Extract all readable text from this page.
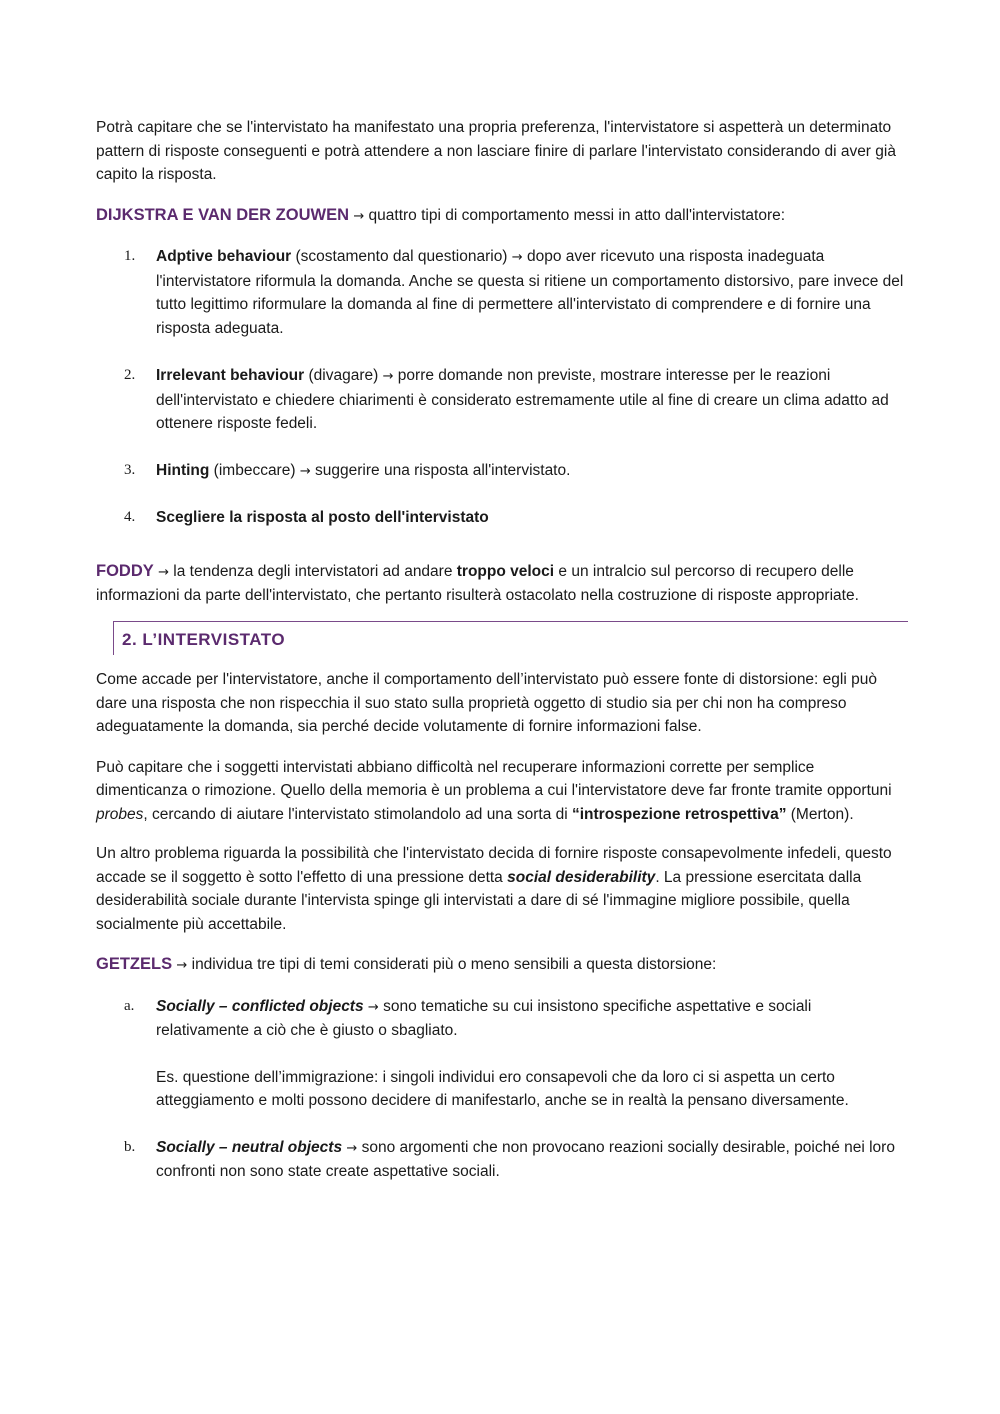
Potrà capitare che se l'intervistato ha manifestato una propria preferenza, l'intervistatore si aspetterà un determinato pattern di risposte conseguenti e potrà attendere a non lasciare finire di parlare l'intervistato considerando di aver già capito la risposta.

DIJKSTRA E VAN DER ZOUWEN → quattro tipi di comportamento messi in atto dall'intervistatore:

1. Adptive behaviour (scostamento dal questionario) → dopo aver ricevuto una risposta inadeguata l'intervistatore riformula la domanda. Anche se questa si ritiene un comportamento distorsivo, pare invece del tutto legittimo riformulare la domanda al fine di permettere all'intervistato di comprendere e di fornire una risposta adeguata.
2. Irrelevant behaviour (divagare) → porre domande non previste, mostrare interesse per le reazioni dell'intervistato e chiedere chiarimenti è considerato estremamente utile al fine di creare un clima adatto ad ottenere risposte fedeli.
3. Hinting (imbeccare) → suggerire una risposta all'intervistato.
4. Scegliere la risposta al posto dell'intervistato

FODDY → la tendenza degli intervistatori ad andare troppo veloci e un intralcio sul percorso di recupero delle informazioni da parte dell'intervistato, che pertanto risulterà ostacolato nella costruzione di risposte appropriate.

2. L’INTERVISTATO

Come accade per l'intervistatore, anche il comportamento dell’intervistato può essere fonte di distorsione: egli può dare una risposta che non rispecchia il suo stato sulla proprietà oggetto di studio sia per chi non ha compreso adeguatamente la domanda, sia perché decide volutamente di fornire informazioni false.

Può capitare che i soggetti intervistati abbiano difficoltà nel recuperare informazioni corrette per semplice dimenticanza o rimozione. Quello della memoria è un problema a cui l'intervistatore deve far fronte tramite opportuni probes, cercando di aiutare l'intervistato stimolandolo ad una sorta di “introspezione retrospettiva” (Merton).

Un altro problema riguarda la possibilità che l'intervistato decida di fornire risposte consapevolmente infedeli, questo accade se il soggetto è sotto l'effetto di una pressione detta social desiderability. La pressione esercitata dalla desiderabilità sociale durante l'intervista spinge gli intervistati a dare di sé l'immagine migliore possibile, quella socialmente più accettabile.

GETZELS → individua tre tipi di temi considerati più o meno sensibili a questa distorsione:

a. Socially – conflicted objects → sono tematiche su cui insistono specifiche aspettative e sociali relativamente a ciò che è giusto o sbagliato.

Es. questione dell’immigrazione: i singoli individui ero consapevoli che da loro ci si aspetta un certo atteggiamento e molti possono decidere di manifestarlo, anche se in realtà la pensano diversamente.

b. Socially – neutral objects → sono argomenti che non provocano reazioni socially desirable, poiché nei loro confronti non sono state create aspettative sociali.
